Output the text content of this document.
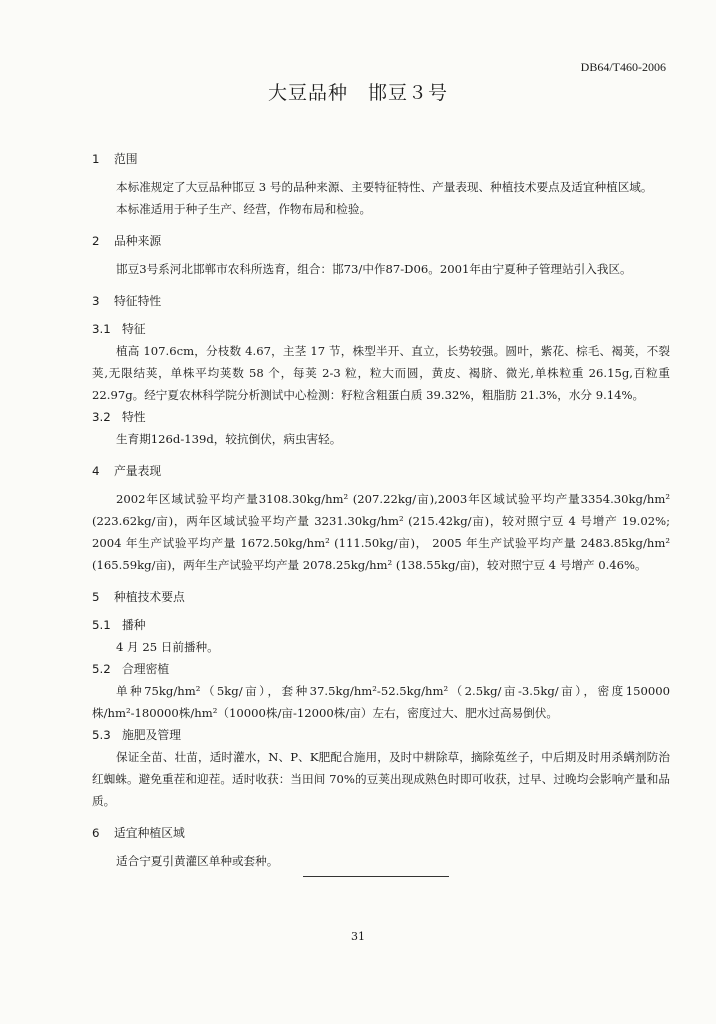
DB64/T460-2006
大豆品种　邯豆３号
1 范围

本标准规定了大豆品种邯豆 3 号的品种来源、主要特征特性、产量表现、种植技术要点及适宜种植区域。

本标准适用于种子生产、经营，作物布局和检验。

2 品种来源

邯豆3号系河北邯郸市农科所选育，组合：邯73/中作87-D06。2001年由宁夏种子管理站引入我区。

3 特征特性
3.1 特征

植高 107.6cm，分枝数 4.67，主茎 17 节，株型半开、直立，长势较强。圆叶，紫花、棕毛、褐荚，不裂荚,无限结荚，单株平均荚数 58 个，每荚 2-3 粒，粒大而圆，黄皮、褐脐、微光,单株粒重 26.15g,百粒重 22.97g。经宁夏农林科学院分析测试中心检测：籽粒含粗蛋白质 39.32%，粗脂肪 21.3%，水分 9.14%。

3.2 特性

生育期126d-139d，较抗倒伏，病虫害轻。

4 产量表现

2002年区域试验平均产量3108.30kg/hm² (207.22kg/亩),2003年区域试验平均产量3354.30kg/hm² (223.62kg/亩)，两年区域试验平均产量 3231.30kg/hm² (215.42kg/亩)，较对照宁豆 4 号增产 19.02%; 2004 年生产试验平均产量 1672.50kg/hm² (111.50kg/亩)， 2005 年生产试验平均产量 2483.85kg/hm² (165.59kg/亩)，两年生产试验平均产量 2078.25kg/hm² (138.55kg/亩)，较对照宁豆 4 号增产 0.46%。

5 种植技术要点
5.1 播种

4 月 25 日前播种。

5.2 合理密植

单种75kg/hm²（5kg/亩），套种37.5kg/hm²-52.5kg/hm²（2.5kg/亩-3.5kg/亩），密度150000株/hm²-180000株/hm²（10000株/亩-12000株/亩）左右，密度过大、肥水过高易倒伏。

5.3 施肥及管理

保证全苗、壮苗，适时灌水，N、P、K肥配合施用，及时中耕除草，摘除菟丝子，中后期及时用杀螨剂防治红蜘蛛。避免重茬和迎茬。适时收获：当田间 70%的豆荚出现成熟色时即可收获，过早、过晚均会影响产量和品质。

6 适宜种植区域

适合宁夏引黄灌区单种或套种。

31
